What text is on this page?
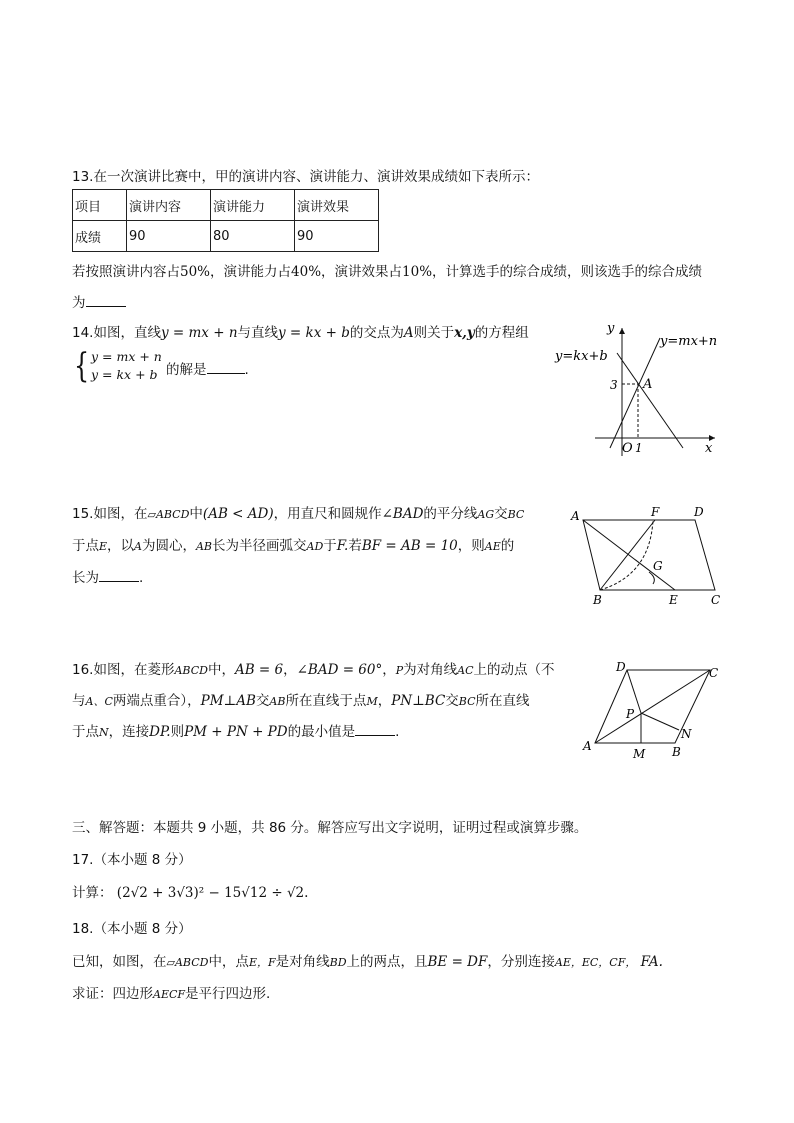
13.在一次演讲比赛中，甲的演讲内容、演讲能力、演讲效果成绩如下表所示：
项目	演讲内容	演讲能力	演讲效果
成绩	90	80	90
若按照演讲内容占50%，演讲能力占40%，演讲效果占10%，计算选手的综合成绩，则该选手的综合成绩
为
14.如图，直线y = mx + n与直线y = kx + b的交点为A则关于x,y的方程组
{ y = mx + n
y = kx + b 的解是	.
y
x
O 1
3 A
y=kx+b
y=mx+n
15.如图，在▱ABCD中(AB < AD)，用直尺和圆规作∠BAD的平分线AG交BC
于点E，以A为圆心，AB长为半径画弧交AD于F.若BF = AB = 10，则AE的
长为	.
A	F	D
G
B	E	C
16.如图，在菱形ABCD中，AB = 6，∠BAD = 60°，P为对角线AC上的动点（不
与A、C两端点重合），PM⊥AB交AB所在直线于点M，PN⊥BC交BC所在直线
于点N，连接DP.则PM + PN + PD的最小值是	.
D	C
P
N
A
M B
三、解答题：本题共 9 小题，共 86 分。解答应写出文字说明，证明过程或演算步骤。
17.（本小题 8 分）
计算： (2√2 + 3√3)² − 15√12 ÷ √2.
18.（本小题 8 分）
已知，如图，在▱ABCD中，点E，F是对角线BD上的两点，且BE = DF，分别连接AE，EC，CF， FA.
求证：四边形AECF是平行四边形.
